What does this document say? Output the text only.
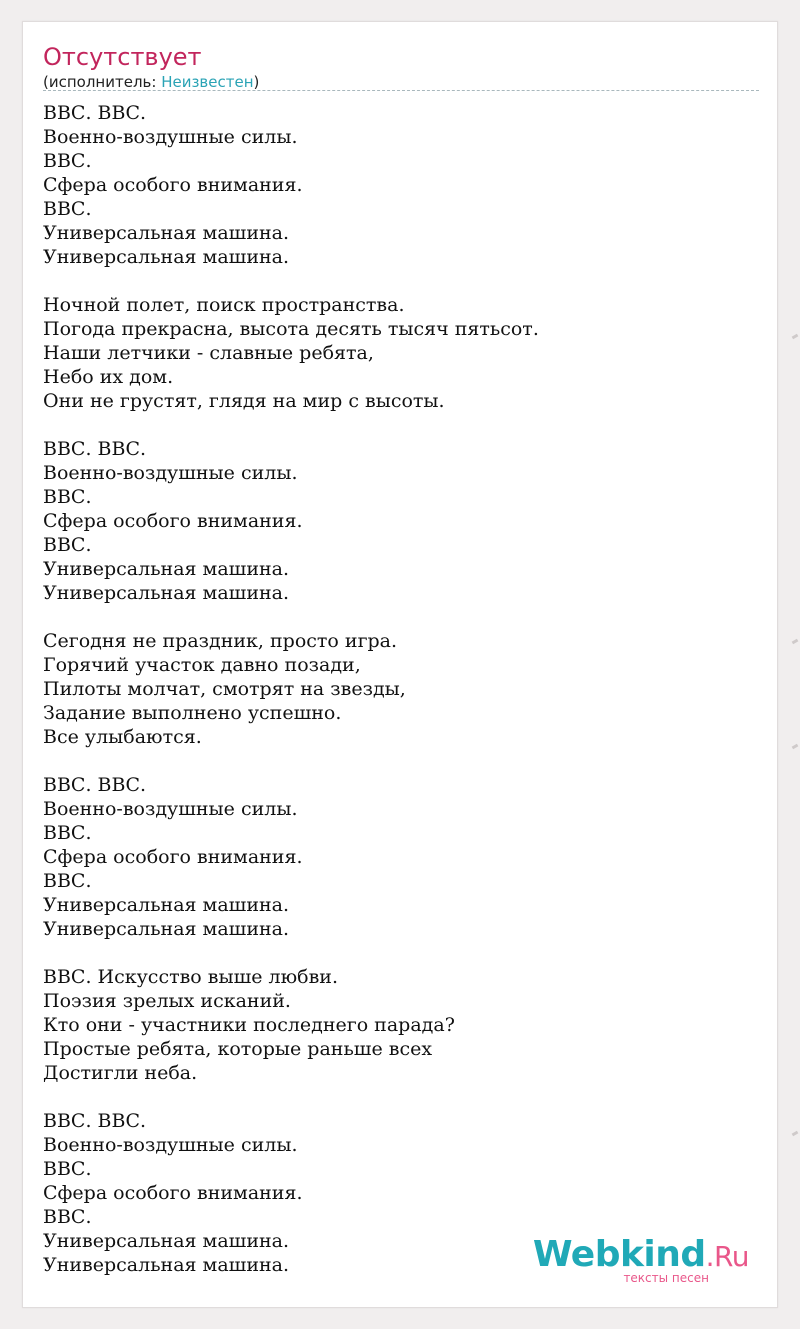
Отсутствует
(исполнитель: Неизвестен)
ВВС. ВВС.
Военно-воздушные силы.
ВВС.
Сфера особого внимания.
ВВС.
Универсальная машина.
Универсальная машина.
Ночной полет, поиск пространства.
Погода прекрасна, высота десять тысяч пятьсот.
Наши летчики - славные ребята,
Небо их дом.
Они не грустят, глядя на мир с высоты.
ВВС. ВВС.
Военно-воздушные силы.
ВВС.
Сфера особого внимания.
ВВС.
Универсальная машина.
Универсальная машина.
Сегодня не праздник, просто игра.
Горячий участок давно позади,
Пилоты молчат, смотрят на звезды,
Задание выполнено успешно.
Все улыбаются.
ВВС. ВВС.
Военно-воздушные силы.
ВВС.
Сфера особого внимания.
ВВС.
Универсальная машина.
Универсальная машина.
ВВС. Искусство выше любви.
Поэзия зрелых исканий.
Кто они - участники последнего парада?
Простые ребята, которые раньше всех
Достигли неба.
ВВС. ВВС.
Военно-воздушные силы.
ВВС.
Сфера особого внимания.
ВВС.
Универсальная машина.
Универсальная машина.	Webkind.Ru
тексты песен
